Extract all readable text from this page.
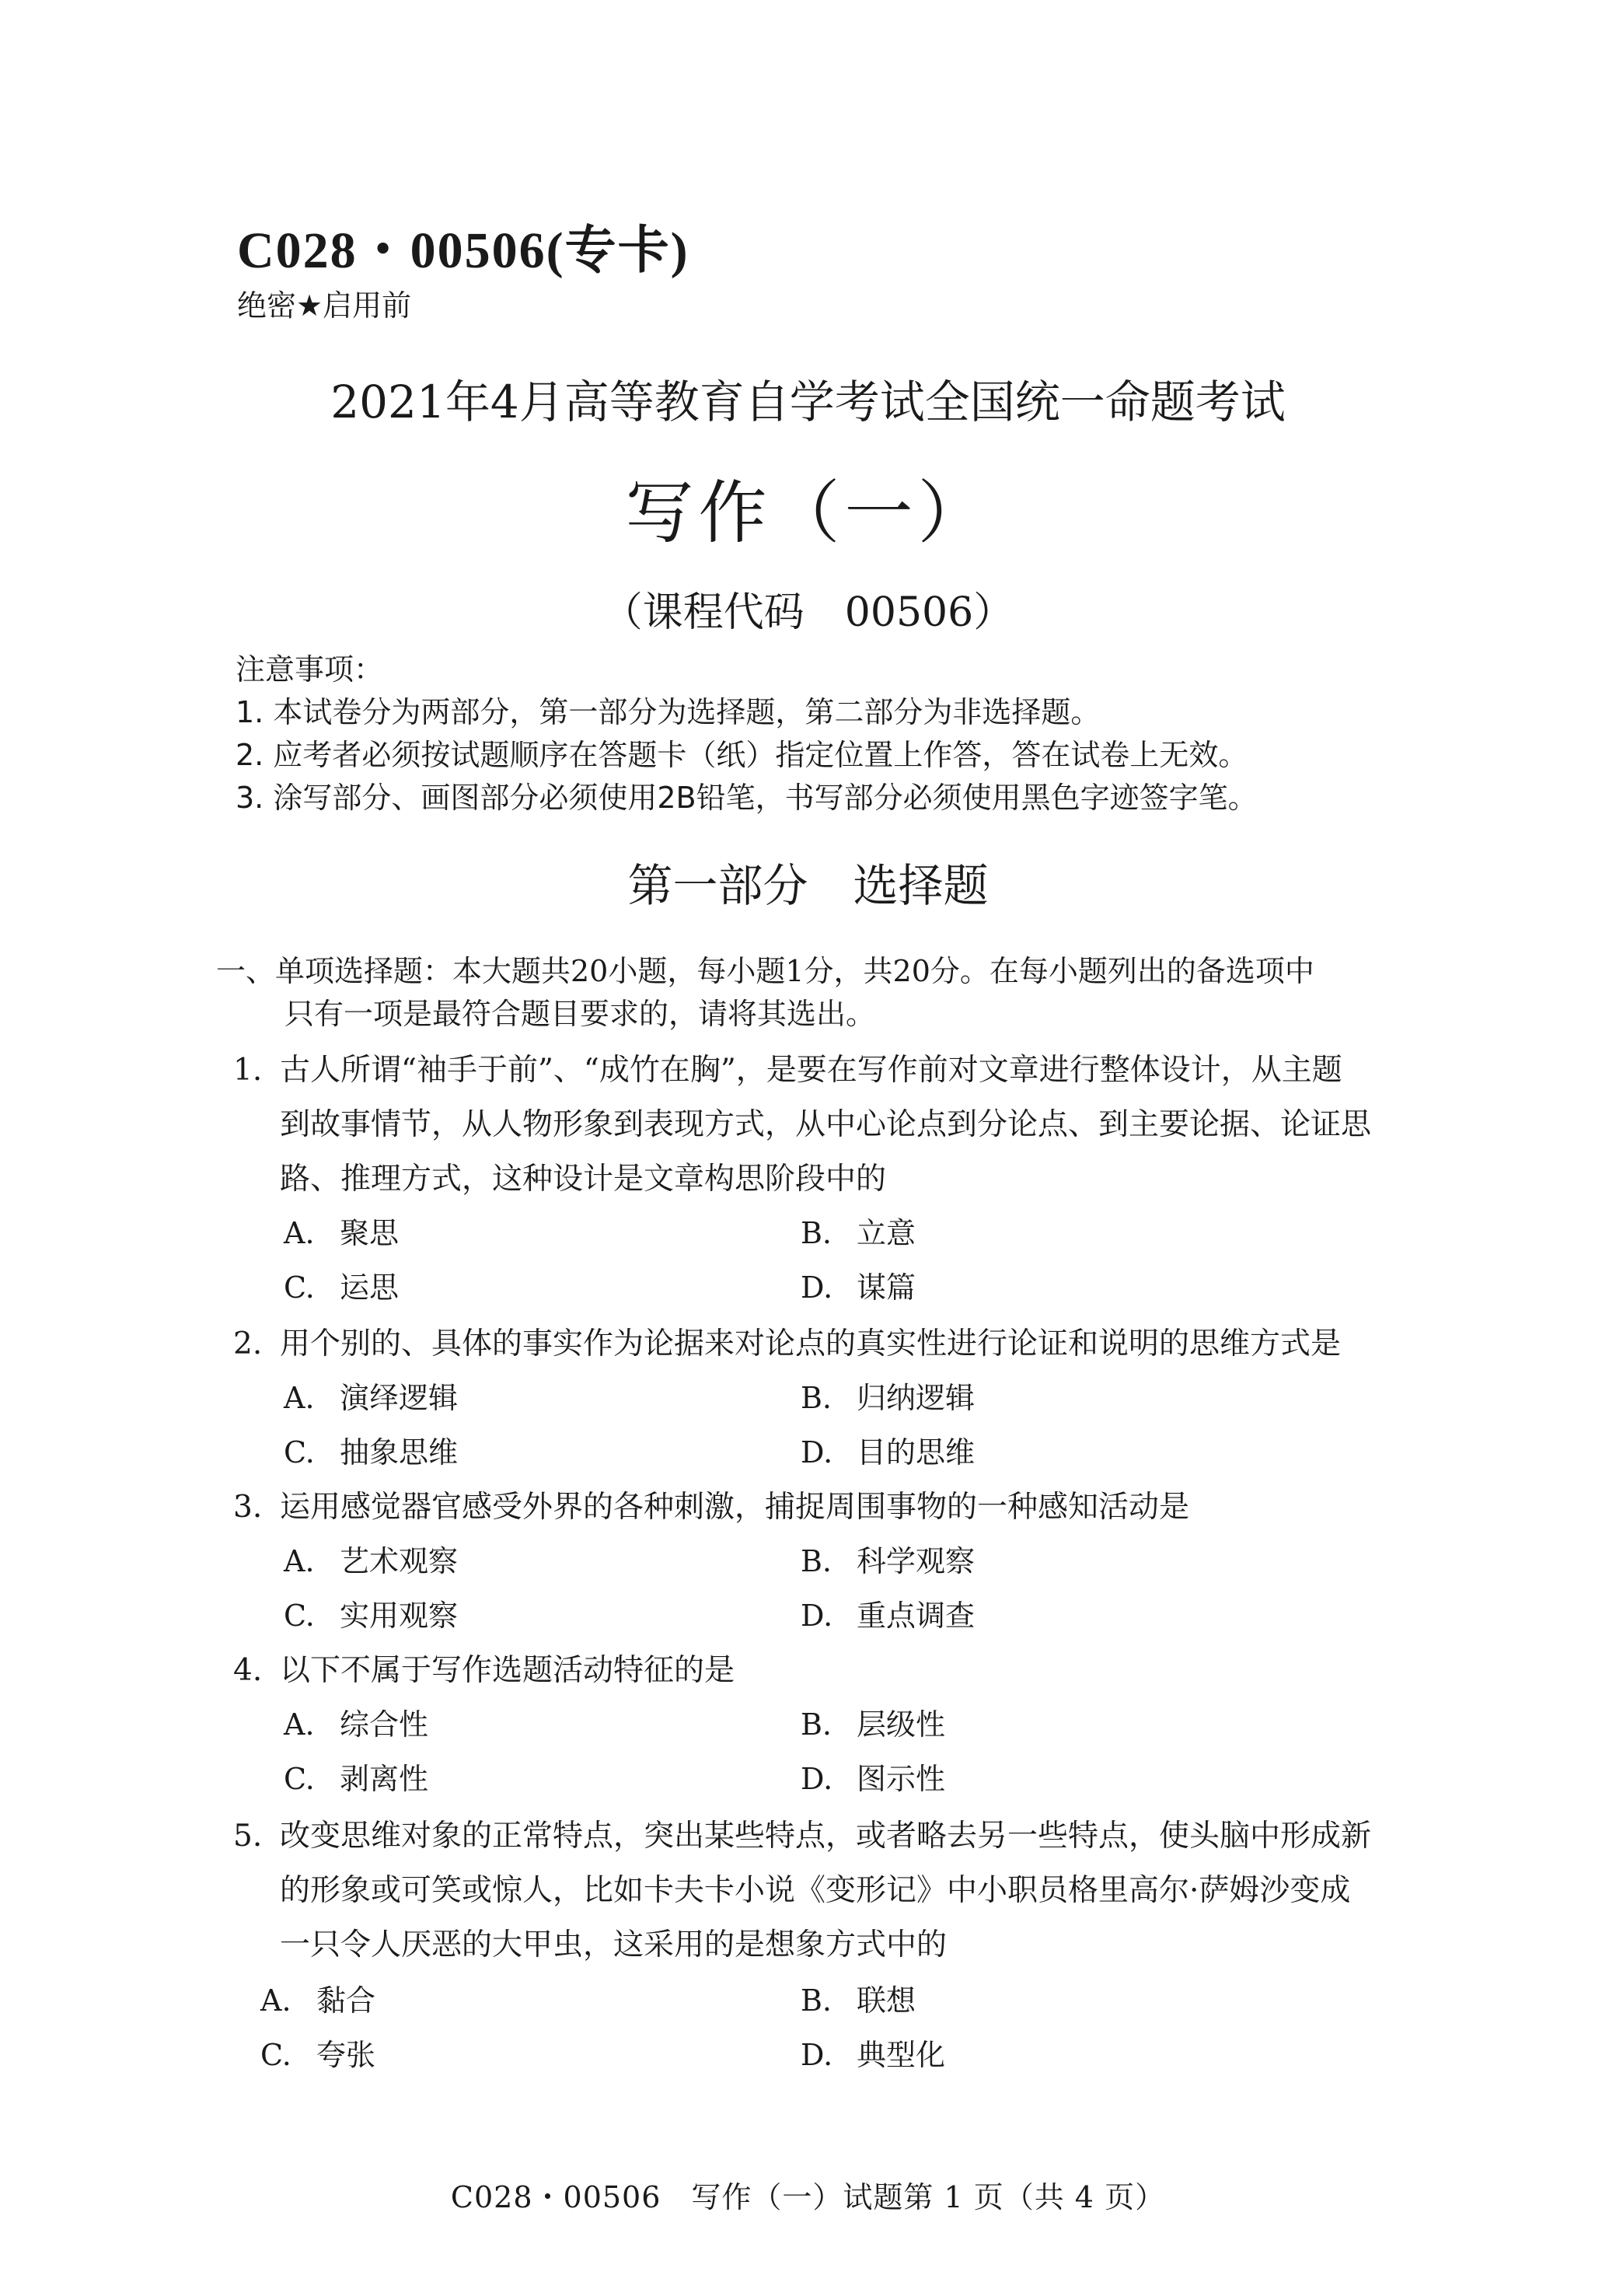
C028・00506(专卡)
绝密★启用前
2021年4月高等教育自学考试全国统一命题考试
写作（一）
（课程代码　00506）
注意事项：
1. 本试卷分为两部分，第一部分为选择题，第二部分为非选择题。
2. 应考者必须按试题顺序在答题卡（纸）指定位置上作答，答在试卷上无效。
3. 涂写部分、画图部分必须使用2B铅笔，书写部分必须使用黑色字迹签字笔。
第一部分　选择题
一、单项选择题：本大题共20小题，每小题1分，共20分。在每小题列出的备选项中
只有一项是最符合题目要求的，请将其选出。
1. 古人所谓“袖手于前”、“成竹在胸”，是要在写作前对文章进行整体设计，从主题
到故事情节，从人物形象到表现方式，从中心论点到分论点、到主要论据、论证思
路、推理方式，这种设计是文章构思阶段中的
A. 聚思	B. 立意
C. 运思	D. 谋篇
2. 用个别的、具体的事实作为论据来对论点的真实性进行论证和说明的思维方式是
A. 演绎逻辑	B. 归纳逻辑
C. 抽象思维	D. 目的思维
3. 运用感觉器官感受外界的各种刺激，捕捉周围事物的一种感知活动是
A. 艺术观察	B. 科学观察
C. 实用观察	D. 重点调查
4. 以下不属于写作选题活动特征的是
A. 综合性	B. 层级性
C. 剥离性	D. 图示性
5. 改变思维对象的正常特点，突出某些特点，或者略去另一些特点，使头脑中形成新
的形象或可笑或惊人，比如卡夫卡小说《变形记》中小职员格里高尔·萨姆沙变成
一只令人厌恶的大甲虫，这采用的是想象方式中的
A. 黏合	B. 联想
C. 夸张	D. 典型化
C028・00506　写作（一）试题第 1 页（共 4 页）
